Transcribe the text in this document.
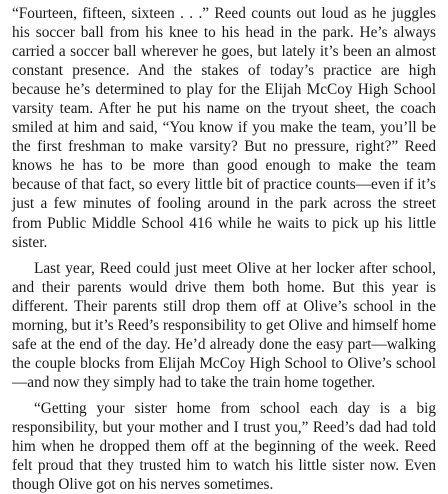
“Fourteen, fifteen, sixteen . . .” Reed counts out loud as he juggles his soccer ball from his knee to his head in the park. He’s always carried a soccer ball wherever he goes, but lately it’s been an almost constant presence. And the stakes of today’s practice are high because he’s determined to play for the Elijah McCoy High School varsity team. After he put his name on the tryout sheet, the coach smiled at him and said, “You know if you make the team, you’ll be the first freshman to make varsity? But no pressure, right?” Reed knows he has to be more than good enough to make the team because of that fact, so every little bit of practice counts—even if it’s just a few minutes of fooling around in the park across the street from Public Middle School 416 while he waits to pick up his little sister.

Last year, Reed could just meet Olive at her locker after school, and their parents would drive them both home. But this year is different. Their parents still drop them off at Olive’s school in the morning, but it’s Reed’s responsibility to get Olive and himself home safe at the end of the day. He’d already done the easy part—walking the couple blocks from Elijah McCoy High School to Olive’s school—and now they simply had to take the train home together.

“Getting your sister home from school each day is a big responsibility, but your mother and I trust you,” Reed’s dad had told him when he dropped them off at the beginning of the week. Reed felt proud that they trusted him to watch his little sister now. Even though Olive got on his nerves sometimes.
